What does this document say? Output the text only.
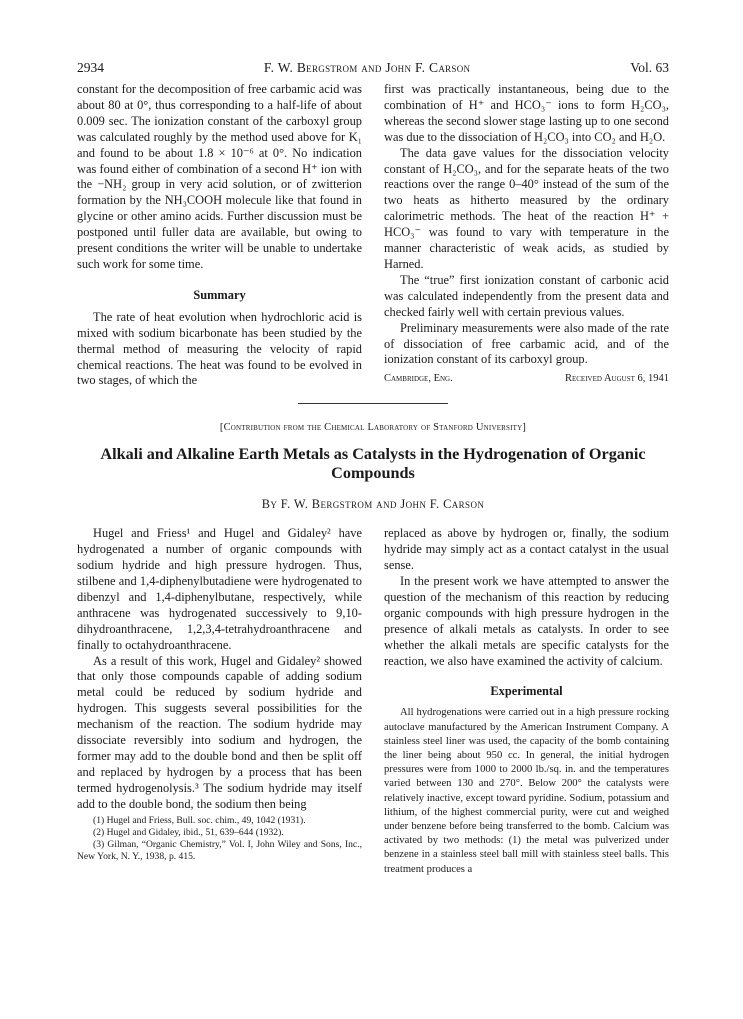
2934	F. W. Bergstrom and John F. Carson	Vol. 63

constant for the decomposition of free carbamic acid was about 80 at 0°, thus corresponding to a half-life of about 0.009 sec. The ionization constant of the carboxyl group was calculated roughly by the method used above for K₁ and found to be about 1.8 × 10⁻⁶ at 0°. No indication was found either of combination of a second H⁺ ion with the −NH₂ group in very acid solution, or of zwitterion formation by the NH₃COOH molecule like that found in glycine or other amino acids. Further discussion must be postponed until fuller data are available, but owing to present conditions the writer will be unable to undertake such work for some time.

Summary

The rate of heat evolution when hydrochloric acid is mixed with sodium bicarbonate has been studied by the thermal method of measuring the velocity of rapid chemical reactions. The heat was found to be evolved in two stages, of which the

first was practically instantaneous, being due to the combination of H⁺ and HCO₃⁻ ions to form H₂CO₃, whereas the second slower stage lasting up to one second was due to the dissociation of H₂CO₃ into CO₂ and H₂O.

The data gave values for the dissociation velocity constant of H₂CO₃, and for the separate heats of the two reactions over the range 0–40° instead of the sum of the two heats as hitherto measured by the ordinary calorimetric methods. The heat of the reaction H⁺ + HCO₃⁻ was found to vary with temperature in the manner characteristic of weak acids, as studied by Harned.

The “true” first ionization constant of carbonic acid was calculated independently from the present data and checked fairly well with certain previous values.

Preliminary measurements were also made of the rate of dissociation of free carbamic acid, and of the ionization constant of its carboxyl group.

Cambridge, Eng.	Received August 6, 1941
[Contribution from the Chemical Laboratory of Stanford University]
Alkali and Alkaline Earth Metals as Catalysts in the Hydrogenation of Organic Compounds
By F. W. Bergstrom and John F. Carson

Hugel and Friess¹ and Hugel and Gidaley² have hydrogenated a number of organic compounds with sodium hydride and high pressure hydrogen. Thus, stilbene and 1,4-diphenylbutadiene were hydrogenated to dibenzyl and 1,4-diphenylbutane, respectively, while anthracene was hydrogenated successively to 9,10-dihydroanthracene, 1,2,3,4-tetrahydroanthracene and finally to octahydroanthracene.

As a result of this work, Hugel and Gidaley² showed that only those compounds capable of adding sodium metal could be reduced by sodium hydride and hydrogen. This suggests several possibilities for the mechanism of the reaction. The sodium hydride may dissociate reversibly into sodium and hydrogen, the former may add to the double bond and then be split off and replaced by hydrogen by a process that has been termed hydrogenolysis.³ The sodium hydride may itself add to the double bond, the sodium then being

(1) Hugel and Friess, Bull. soc. chim., 49, 1042 (1931).

(2) Hugel and Gidaley, ibid., 51, 639–644 (1932).

(3) Gilman, “Organic Chemistry,” Vol. I, John Wiley and Sons, Inc., New York, N. Y., 1938, p. 415.

replaced as above by hydrogen or, finally, the sodium hydride may simply act as a contact catalyst in the usual sense.

In the present work we have attempted to answer the question of the mechanism of this reaction by reducing organic compounds with high pressure hydrogen in the presence of alkali metals as catalysts. In order to see whether the alkali metals are specific catalysts for the reaction, we also have examined the activity of calcium.

Experimental

All hydrogenations were carried out in a high pressure rocking autoclave manufactured by the American Instrument Company. A stainless steel liner was used, the capacity of the bomb containing the liner being about 950 cc. In general, the initial hydrogen pressures were from 1000 to 2000 lb./sq. in. and the temperatures varied between 130 and 270°. Below 200° the catalysts were relatively inactive, except toward pyridine. Sodium, potassium and lithium, of the highest commercial purity, were cut and weighed under benzene before being transferred to the bomb. Calcium was activated by two methods: (1) the metal was pulverized under benzene in a stainless steel ball mill with stainless steel balls. This treatment produces a
